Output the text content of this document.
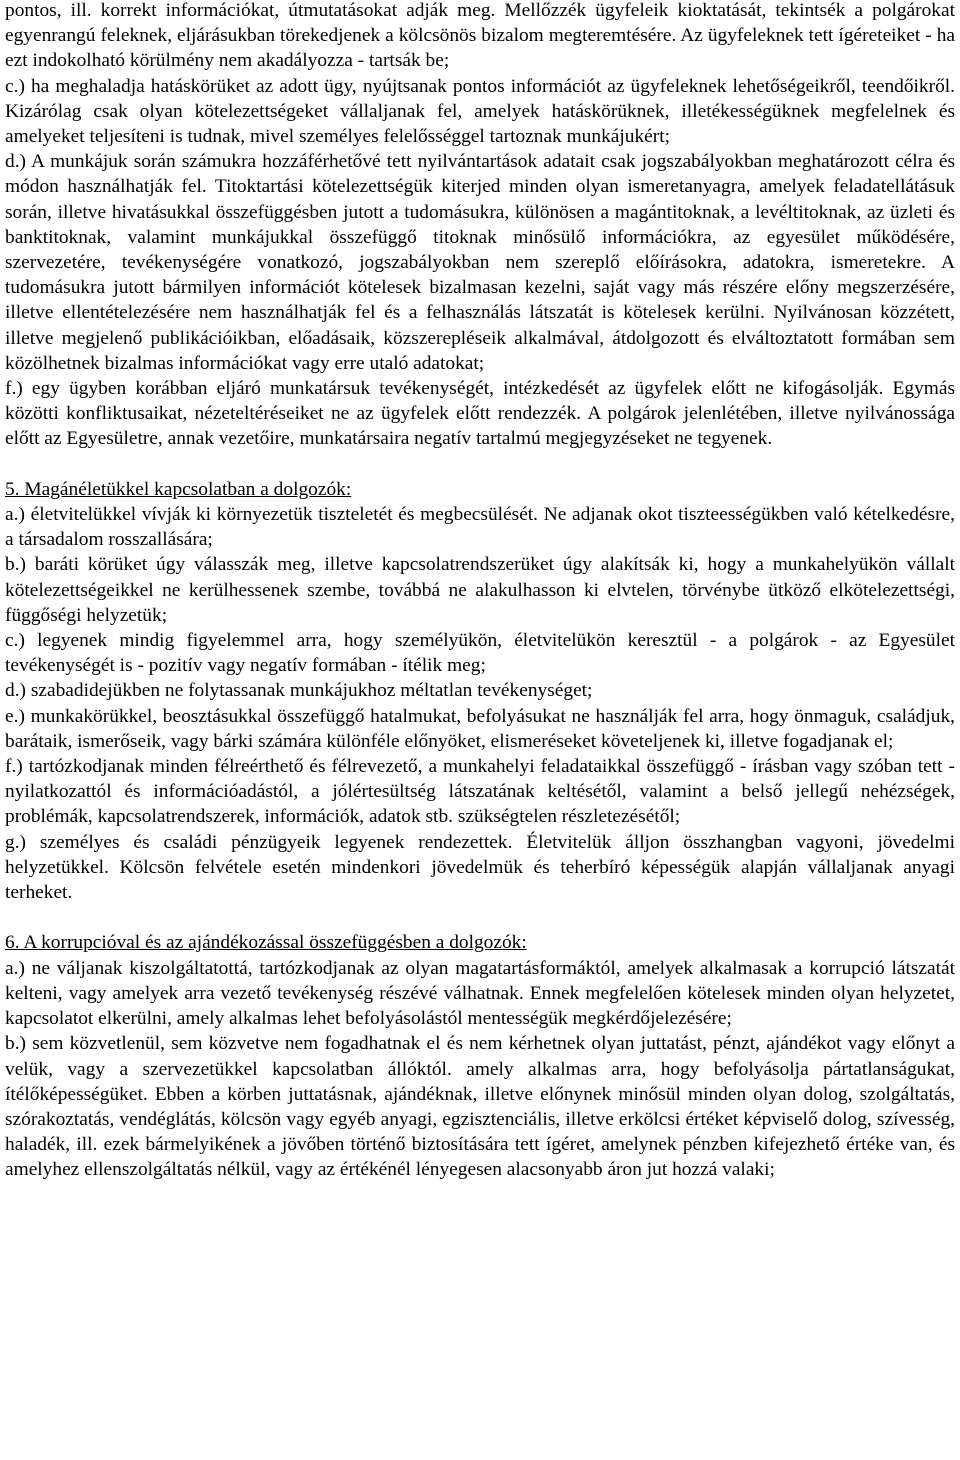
pontos, ill. korrekt információkat, útmutatásokat adják meg. Mellőzzék ügyfeleik kioktatását, tekintsék a polgárokat egyenrangú feleknek, eljárásukban törekedjenek a kölcsönös bizalom megteremtésére. Az ügyfeleknek tett ígéreteiket - ha ezt indokolható körülmény nem akadályozza - tartsák be;

c.) ha meghaladja hatáskörüket az adott ügy, nyújtsanak pontos információt az ügyfeleknek lehetőségeikről, teendőikről. Kizárólag csak olyan kötelezettségeket vállaljanak fel, amelyek hatáskörüknek, illetékességüknek megfelelnek és amelyeket teljesíteni is tudnak, mivel személyes felelősséggel tartoznak munkájukért;

d.) A munkájuk során számukra hozzáférhetővé tett nyilvántartások adatait csak jogszabályokban meghatározott célra és módon használhatják fel. Titoktartási kötelezettségük kiterjed minden olyan ismeretanyagra, amelyek feladatellátásuk során, illetve hivatásukkal összefüggésben jutott a tudomásukra, különösen a magántitoknak, a levéltitoknak, az üzleti és banktitoknak, valamint munkájukkal összefüggő titoknak minősülő információkra, az egyesület működésére, szervezetére, tevékenységére vonatkozó, jogszabályokban nem szereplő előírásokra, adatokra, ismeretekre. A tudomásukra jutott bármilyen információt kötelesek bizalmasan kezelni, saját vagy más részére előny megszerzésére, illetve ellentételezésére nem használhatják fel és a felhasználás látszatát is kötelesek kerülni. Nyilvánosan közzétett, illetve megjelenő publikációikban, előadásaik, közszerepléseik alkalmával, átdolgozott és elváltoztatott formában sem közölhetnek bizalmas információkat vagy erre utaló adatokat;

f.) egy ügyben korábban eljáró munkatársuk tevékenységét, intézkedését az ügyfelek előtt ne kifogásolják. Egymás közötti konfliktusaikat, nézeteltéréseiket ne az ügyfelek előtt rendezzék. A polgárok jelenlétében, illetve nyilvánossága előtt az Egyesületre, annak vezetőire, munkatársaira negatív tartalmú megjegyzéseket ne tegyenek.

5. Magánéletükkel kapcsolatban a dolgozók:

a.) életvitelükkel vívják ki környezetük tiszteletét és megbecsülését. Ne adjanak okot tiszteességükben való kételkedésre, a társadalom rosszallására;

b.) baráti körüket úgy válasszák meg, illetve kapcsolatrendszerüket úgy alakítsák ki, hogy a munkahelyükön vállalt kötelezettségeikkel ne kerülhessenek szembe, továbbá ne alakulhasson ki elvtelen, törvénybe ütköző elkötelezettségi, függőségi helyzetük;

c.) legyenek mindig figyelemmel arra, hogy személyükön, életvitelükön keresztül - a polgárok - az Egyesület tevékenységét is - pozitív vagy negatív formában - ítélik meg;

d.) szabadidejükben ne folytassanak munkájukhoz méltatlan tevékenységet;

e.) munkakörükkel, beosztásukkal összefüggő hatalmukat, befolyásukat ne használják fel arra, hogy önmaguk, családjuk, barátaik, ismerőseik, vagy bárki számára különféle előnyöket, elismeréseket követeljenek ki, illetve fogadjanak el;

f.) tartózkodjanak minden félreérthető és félrevezető, a munkahelyi feladataikkal összefüggő - írásban vagy szóban tett - nyilatkozattól és információadástól, a jólértesültség látszatának keltésétől, valamint a belső jellegű nehézségek, problémák, kapcsolatrendszerek, információk, adatok stb. szükségtelen részletezésétől;

g.) személyes és családi pénzügyeik legyenek rendezettek. Életvitelük álljon összhangban vagyoni, jövedelmi helyzetükkel. Kölcsön felvétele esetén mindenkori jövedelmük és teherbíró képességük alapján vállaljanak anyagi terheket.

6. A korrupcióval és az ajándékozással összefüggésben a dolgozók:

a.) ne váljanak kiszolgáltatottá, tartózkodjanak az olyan magatartásformáktól, amelyek alkalmasak a korrupció látszatát kelteni, vagy amelyek arra vezető tevékenység részévé válhatnak. Ennek megfelelően kötelesek minden olyan helyzetet, kapcsolatot elkerülni, amely alkalmas lehet befolyásolástól mentességük megkérdőjelezésére;

b.) sem közvetlenül, sem közvetve nem fogadhatnak el és nem kérhetnek olyan juttatást, pénzt, ajándékot vagy előnyt a velük, vagy a szervezetükkel kapcsolatban állóktól. amely alkalmas arra, hogy befolyásolja pártatlanságukat, ítélőképességüket. Ebben a körben juttatásnak, ajándéknak, illetve előnynek minősül minden olyan dolog, szolgáltatás, szórakoztatás, vendéglátás, kölcsön vagy egyéb anyagi, egzisztenciális, illetve erkölcsi értéket képviselő dolog, szívesség, haladék, ill. ezek bármelyikének a jövőben történő biztosítására tett ígéret, amelynek pénzben kifejezhető értéke van, és amelyhez ellenszolgáltatás nélkül, vagy az értékénél lényegesen alacsonyabb áron jut hozzá valaki;
